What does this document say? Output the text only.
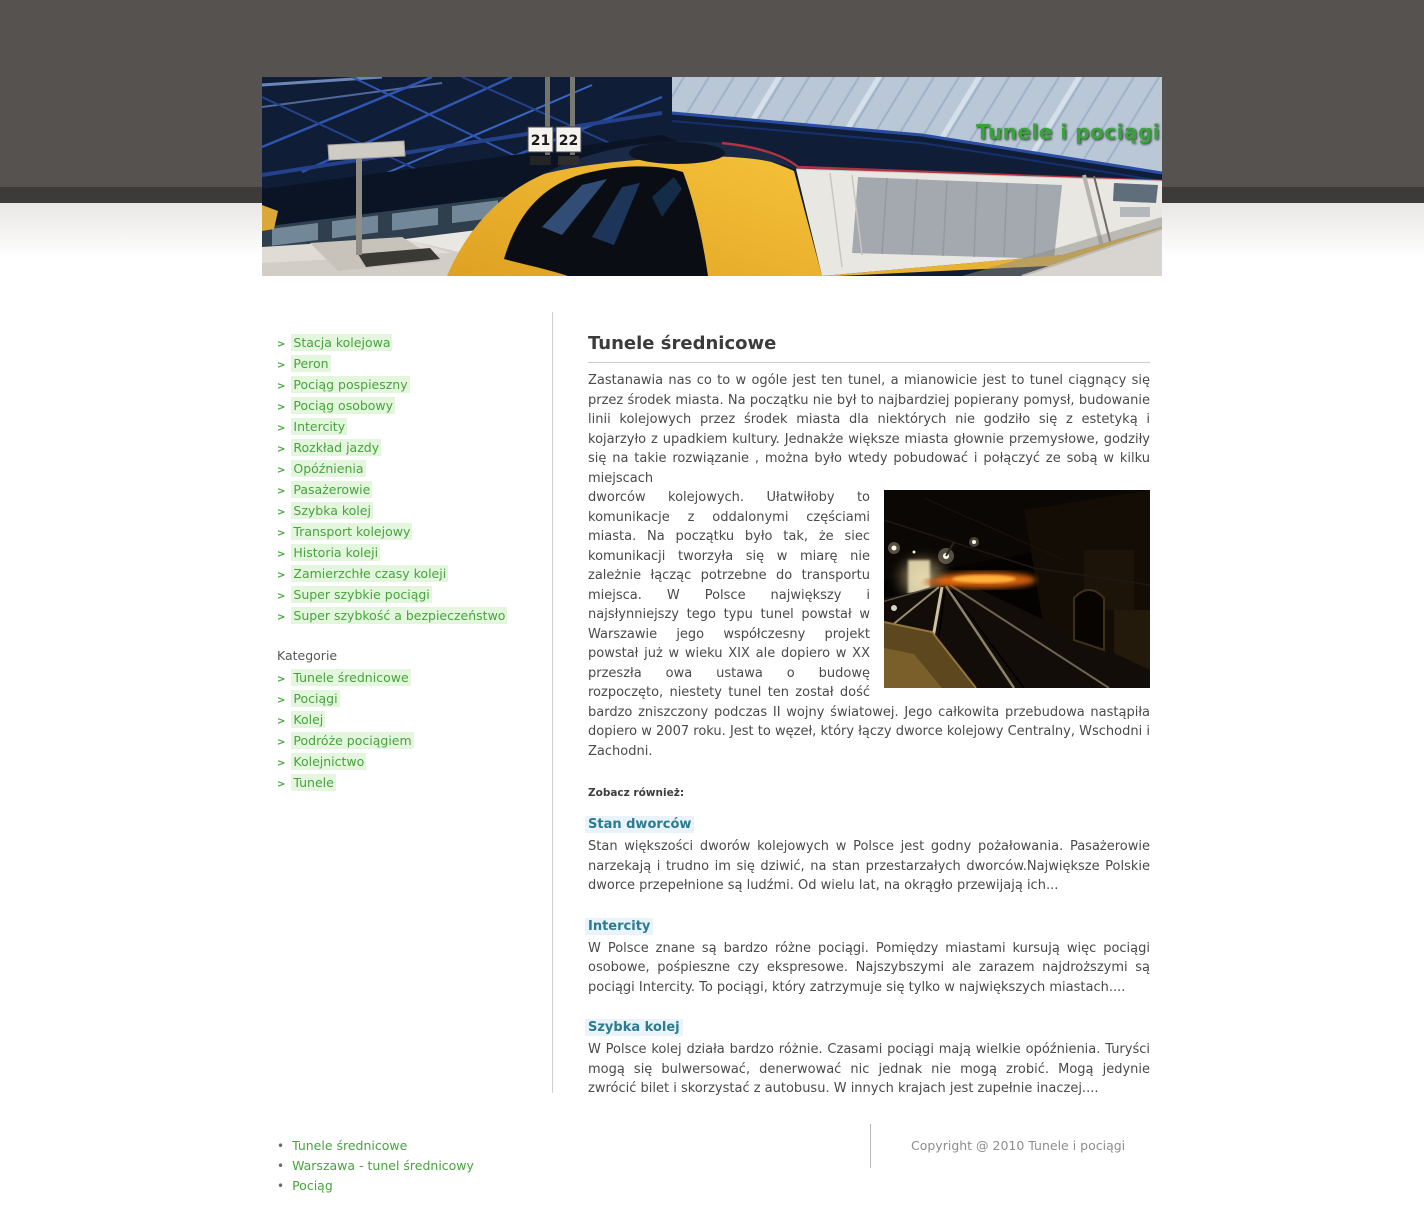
21 22	Tunele i pociągi
> Stacja kolejowa
> Peron
> Pociąg pospieszny
> Pociąg osobowy
> Intercity
> Rozkład jazdy
> Opóźnienia
> Pasażerowie
> Szybka kolej
> Transport kolejowy
> Historia koleji
> Zamierzchłe czasy koleji
> Super szybkie pociągi
> Super szybkość a bezpieczeństwo
Kategorie
> Tunele średnicowe
> Pociągi
> Kolej
> Podróże pociągiem
> Kolejnictwo
> Tunele
Tunele średnicowe

Zastanawia nas co to w ogóle jest ten tunel, a mianowicie jest to tunel ciągnący się przez środek miasta. Na początku nie był to najbardziej popierany pomysł, budowanie linii kolejowych przez środek miasta dla niektórych nie godziło się z estetyką i kojarzyło z upadkiem kultury. Jednakże większe miasta głownie przemysłowe, godziły się na takie rozwiązanie , można było wtedy pobudować i połączyć ze sobą w kilku miejscach

dworców kolejowych. Ułatwiłoby to komunikacje z oddalonymi częściami miasta. Na początku było tak, że siec komunikacji tworzyła się w miarę nie zależnie łącząc potrzebne do transportu miejsca. W Polsce największy i najsłynniejszy tego typu tunel powstał w Warszawie jego współczesny projekt powstał już w wieku XIX ale dopiero w XX przeszła owa ustawa o budowę rozpoczęto, niestety tunel ten został dość bardzo zniszczony podczas II wojny światowej. Jego całkowita przebudowa nastąpiła dopiero w 2007 roku. Jest to węzeł, który łączy dworce kolejowy Centralny, Wschodni i Zachodni.

Zobacz również:
Stan dworców

Stan większości dworów kolejowych w Polsce jest godny pożałowania. Pasażerowie narzekają i trudno im się dziwić, na stan przestarzałych dworców.Największe Polskie dworce przepełnione są ludźmi. Od wielu lat, na okrągło przewijają ich...

Intercity

W Polsce znane są bardzo różne pociągi. Pomiędzy miastami kursują więc pociągi osobowe, pośpieszne czy ekspresowe. Najszybszymi ale zarazem najdroższymi są pociągi Intercity. To pociągi, który zatrzymuje się tylko w największych miastach....

Szybka kolej

W Polsce kolej działa bardzo różnie. Czasami pociągi mają wielkie opóźnienia. Turyści mogą się bulwersować, denerwować nic jednak nie mogą zrobić. Mogą jedynie zwrócić bilet i skorzystać z autobusu. W innych krajach jest zupełnie inaczej....

• Tunele średnicowe
• Warszawa - tunel średnicowy
• Pociąg
Copyright @ 2010 Tunele i pociągi
